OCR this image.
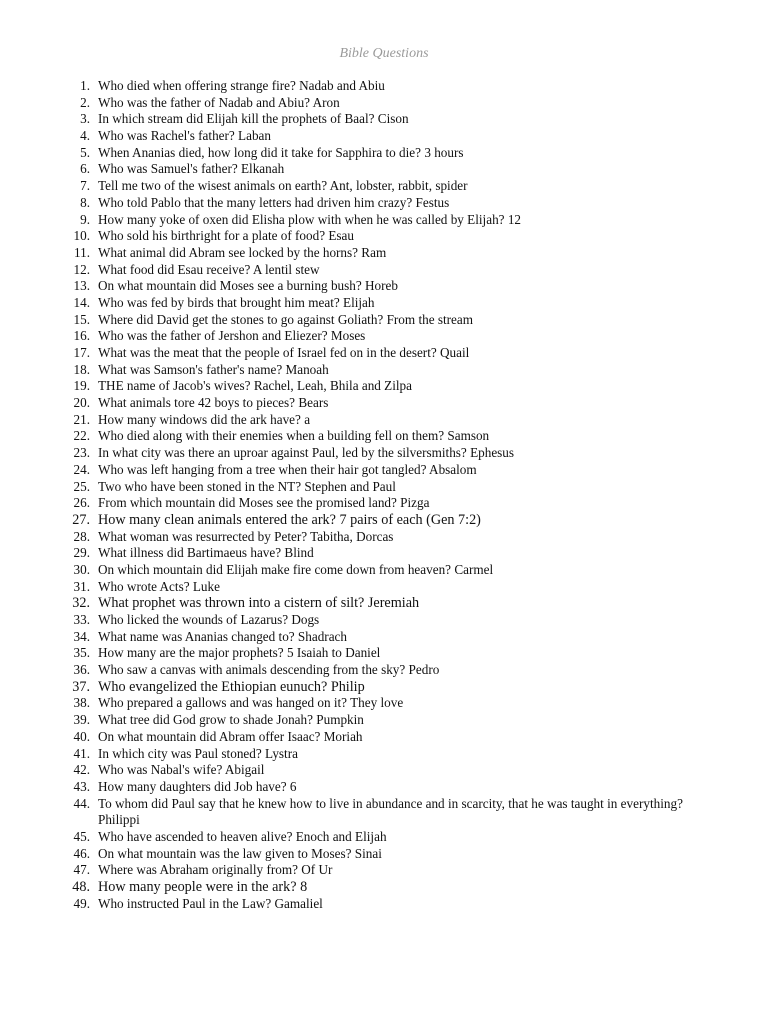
Bible Questions
1. Who died when offering strange fire? Nadab and Abiu
2. Who was the father of Nadab and Abiu? Aron
3. In which stream did Elijah kill the prophets of Baal? Cison
4. Who was Rachel's father? Laban
5. When Ananias died, how long did it take for Sapphira to die? 3 hours
6. Who was Samuel's father? Elkanah
7. Tell me two of the wisest animals on earth? Ant, lobster, rabbit, spider
8. Who told Pablo that the many letters had driven him crazy? Festus
9. How many yoke of oxen did Elisha plow with when he was called by Elijah? 12
10. Who sold his birthright for a plate of food? Esau
11. What animal did Abram see locked by the horns? Ram
12. What food did Esau receive? A lentil stew
13. On what mountain did Moses see a burning bush? Horeb
14. Who was fed by birds that brought him meat? Elijah
15. Where did David get the stones to go against Goliath? From the stream
16. Who was the father of Jershon and Eliezer? Moses
17. What was the meat that the people of Israel fed on in the desert? Quail
18. What was Samson's father's name? Manoah
19. THE name of Jacob's wives? Rachel, Leah, Bhila and Zilpa
20. What animals tore 42 boys to pieces? Bears
21. How many windows did the ark have? a
22. Who died along with their enemies when a building fell on them? Samson
23. In what city was there an uproar against Paul, led by the silversmiths? Ephesus
24. Who was left hanging from a tree when their hair got tangled? Absalom
25. Two who have been stoned in the NT? Stephen and Paul
26. From which mountain did Moses see the promised land? Pizga
27. How many clean animals entered the ark? 7 pairs of each (Gen 7:2)
28. What woman was resurrected by Peter? Tabitha, Dorcas
29. What illness did Bartimaeus have? Blind
30. On which mountain did Elijah make fire come down from heaven? Carmel
31. Who wrote Acts? Luke
32. What prophet was thrown into a cistern of silt? Jeremiah
33. Who licked the wounds of Lazarus? Dogs
34. What name was Ananias changed to? Shadrach
35. How many are the major prophets? 5 Isaiah to Daniel
36. Who saw a canvas with animals descending from the sky? Pedro
37. Who evangelized the Ethiopian eunuch? Philip
38. Who prepared a gallows and was hanged on it? They love
39. What tree did God grow to shade Jonah? Pumpkin
40. On what mountain did Abram offer Isaac? Moriah
41. In which city was Paul stoned? Lystra
42. Who was Nabal's wife? Abigail
43. How many daughters did Job have? 6
44. To whom did Paul say that he knew how to live in abundance and in scarcity, that he was taught in everything? Philippi
45. Who have ascended to heaven alive? Enoch and Elijah
46. On what mountain was the law given to Moses? Sinai
47. Where was Abraham originally from? Of Ur
48. How many people were in the ark? 8
49. Who instructed Paul in the Law? Gamaliel
